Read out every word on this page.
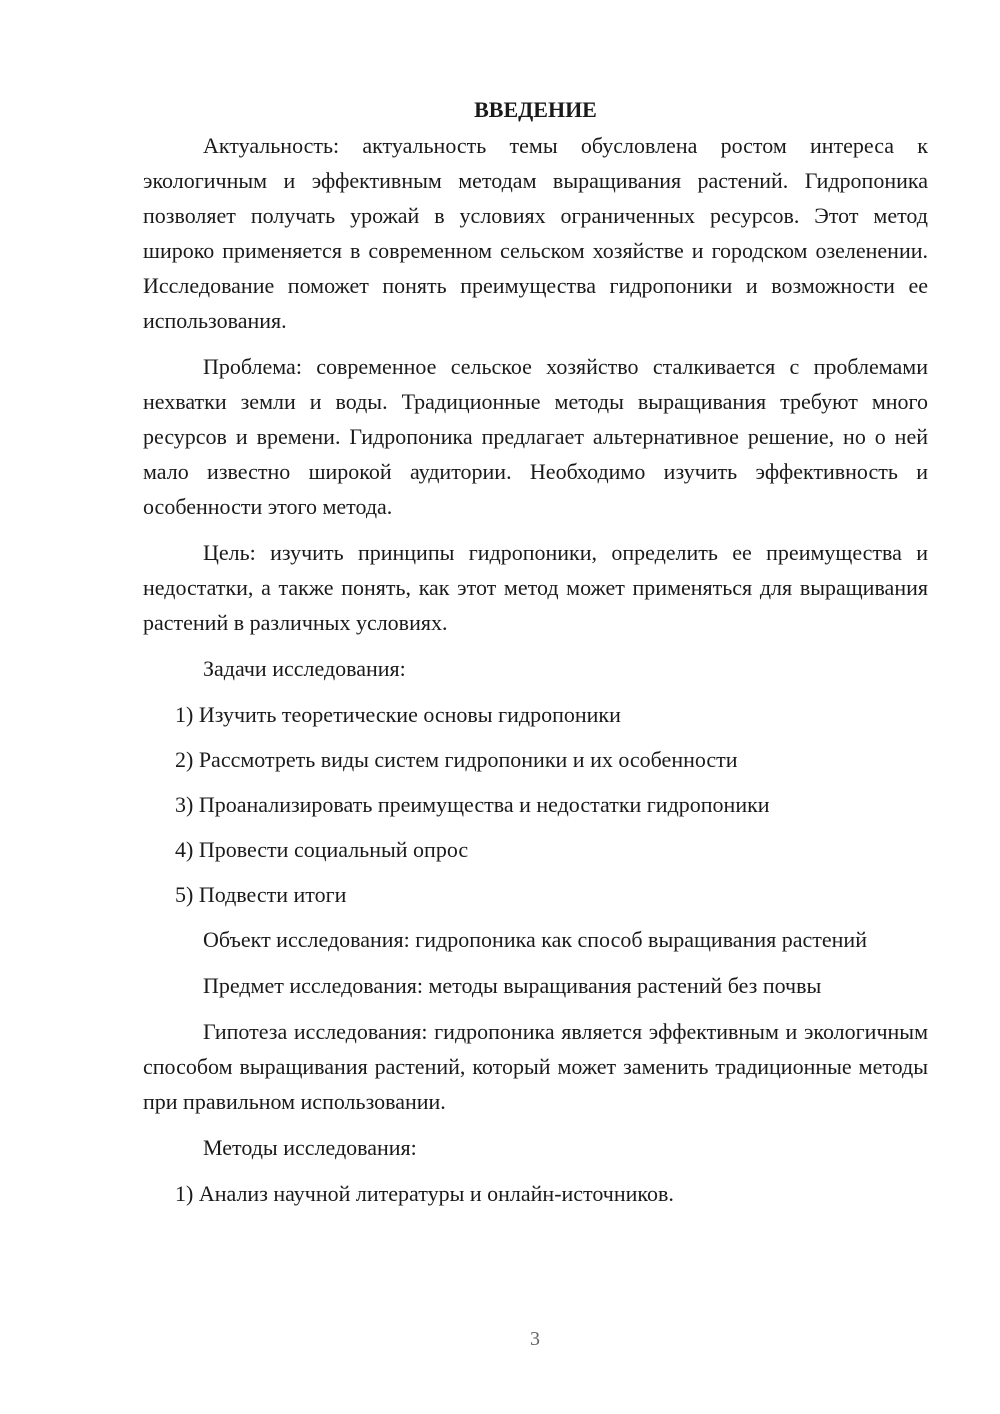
ВВЕДЕНИЕ

Актуальность: актуальность темы обусловлена ростом интереса к экологичным и эффективным методам выращивания растений. Гидропоника позволяет получать урожай в условиях ограниченных ресурсов. Этот метод широко применяется в современном сельском хозяйстве и городском озеленении. Исследование поможет понять преимущества гидропоники и возможности ее использования.

Проблема: современное сельское хозяйство сталкивается с проблемами нехватки земли и воды. Традиционные методы выращивания требуют много ресурсов и времени. Гидропоника предлагает альтернативное решение, но о ней мало известно широкой аудитории. Необходимо изучить эффективность и особенности этого метода.

Цель: изучить принципы гидропоники, определить ее преимущества и недостатки, а также понять, как этот метод может применяться для выращивания растений в различных условиях.

Задачи исследования:

1) Изучить теоретические основы гидропоники
2) Рассмотреть виды систем гидропоники и их особенности
3) Проанализировать преимущества и недостатки гидропоники
4) Провести социальный опрос
5) Подвести итоги

Объект исследования: гидропоника как способ выращивания растений

Предмет исследования: методы выращивания растений без почвы

Гипотеза исследования: гидропоника является эффективным и экологичным способом выращивания растений, который может заменить традиционные методы при правильном использовании.

Методы исследования:

1) Анализ научной литературы и онлайн-источников.
3
